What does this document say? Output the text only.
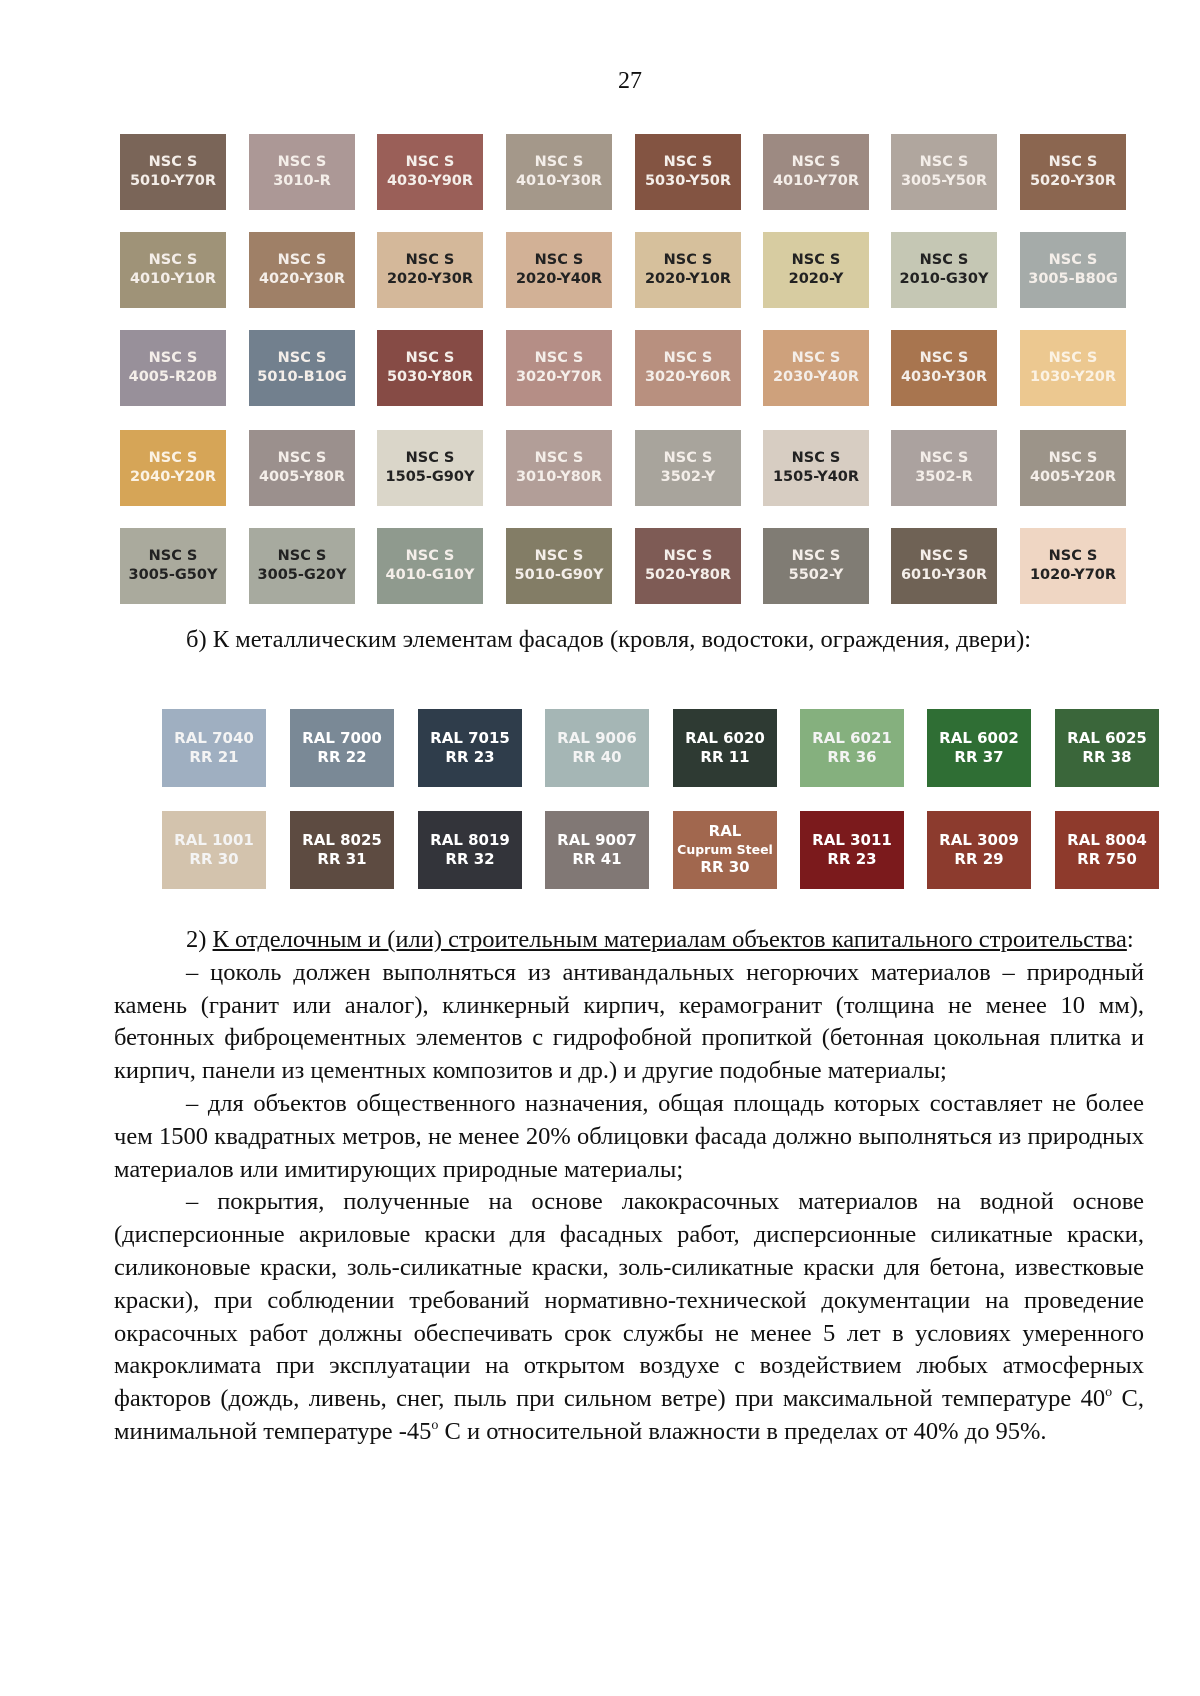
27
NSC S
5010-Y70R
NSC S
3010-R
NSC S
4030-Y90R
NSC S
4010-Y30R
NSC S
5030-Y50R
NSC S
4010-Y70R
NSC S
3005-Y50R
NSC S
5020-Y30R
NSC S
4010-Y10R
NSC S
4020-Y30R
NSC S
2020-Y30R
NSC S
2020-Y40R
NSC S
2020-Y10R
NSC S
2020-Y
NSC S
2010-G30Y
NSC S
3005-B80G
NSC S
4005-R20B
NSC S
5010-B10G
NSC S
5030-Y80R
NSC S
3020-Y70R
NSC S
3020-Y60R
NSC S
2030-Y40R
NSC S
4030-Y30R
NSC S
1030-Y20R
NSC S
2040-Y20R
NSC S
4005-Y80R
NSC S
1505-G90Y
NSC S
3010-Y80R
NSC S
3502-Y
NSC S
1505-Y40R
NSC S
3502-R
NSC S
4005-Y20R
NSC S
3005-G50Y
NSC S
3005-G20Y
NSC S
4010-G10Y
NSC S
5010-G90Y
NSC S
5020-Y80R
NSC S
5502-Y
NSC S
6010-Y30R
NSC S
1020-Y70R

б) К металлическим элементам фасадов (кровля, водостоки, ограждения, двери):

RAL 7040
RR 21
RAL 7000
RR 22
RAL 7015
RR 23
RAL 9006
RR 40
RAL 6020
RR 11
RAL 6021
RR 36
RAL 6002
RR 37
RAL 6025
RR 38
RAL 1001
RR 30
RAL 8025
RR 31
RAL 8019
RR 32
RAL 9007
RR 41
RAL
Cuprum Steel
RR 30
RAL 3011
RR 23
RAL 3009
RR 29
RAL 8004
RR 750

2) К отделочным и (или) строительным материалам объектов капитального строительства:

– цоколь должен выполняться из антивандальных негорючих материалов – природный камень (гранит или аналог), клинкерный кирпич, керамогранит (толщина не менее 10 мм), бетонных фиброцементных элементов с гидрофобной пропиткой (бетонная цокольная плитка и кирпич, панели из цементных композитов и др.) и другие подобные материалы;

– для объектов общественного назначения, общая площадь которых составляет не более чем 1500 квадратных метров, не менее 20% облицовки фасада должно выполняться из природных материалов или имитирующих природные материалы;

– покрытия, полученные на основе лакокрасочных материалов на водной основе (дисперсионные акриловые краски для фасадных работ, дисперсионные силикатные краски, силиконовые краски, золь-силикатные краски, золь-силикатные краски для бетона, известковые краски), при соблюдении требований нормативно-технической документации на проведение окрасочных работ должны обеспечивать срок службы не менее 5 лет в условиях умеренного макроклимата при эксплуатации на открытом воздухе с воздействием любых атмосферных факторов (дождь, ливень, снег, пыль при сильном ветре) при максимальной температуре 40$^o$ С, минимальной температуре -45$^o$ С и относительной влажности в пределах от 40% до 95%.
